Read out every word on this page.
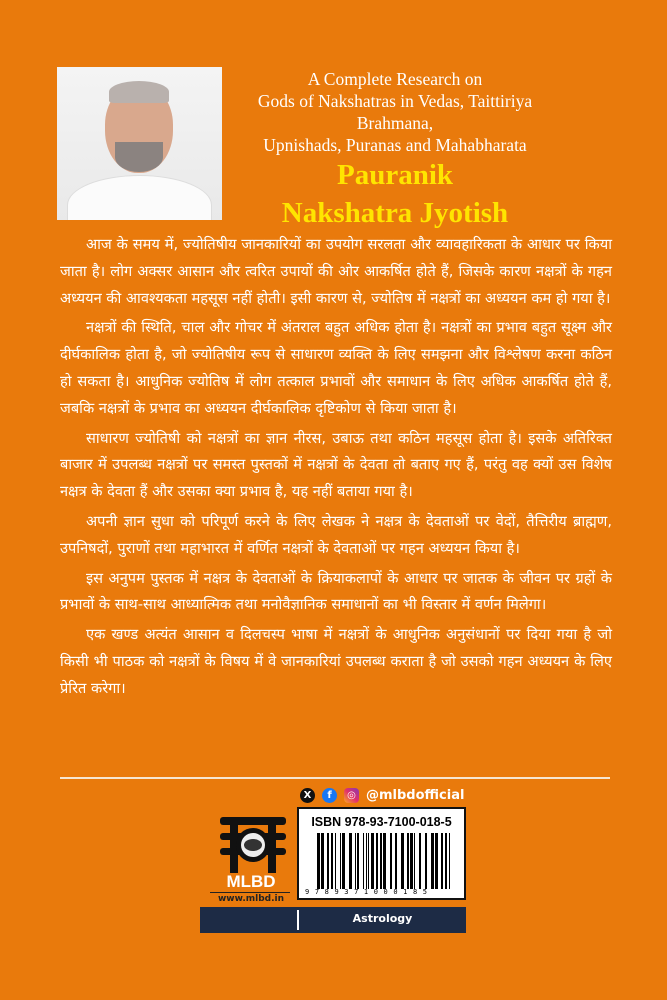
A Complete Research on
Gods of Nakshatras in Vedas, Taittiriya Brahmana,
Upnishads, Puranas and Mahabharata
Pauranik
Nakshatra Jyotish

आज के समय में, ज्योतिषीय जानकारियों का उपयोग सरलता और व्यावहारिकता के आधार पर किया जाता है। लोग अक्सर आसान और त्वरित उपायों की ओर आकर्षित होते हैं, जिसके कारण नक्षत्रों के गहन अध्ययन की आवश्यकता महसूस नहीं होती। इसी कारण से, ज्योतिष में नक्षत्रों का अध्ययन कम हो गया है।

नक्षत्रों की स्थिति, चाल और गोचर में अंतराल बहुत अधिक होता है। नक्षत्रों का प्रभाव बहुत सूक्ष्म और दीर्घकालिक होता है, जो ज्योतिषीय रूप से साधारण व्यक्ति के लिए समझना और विश्लेषण करना कठिन हो सकता है। आधुनिक ज्योतिष में लोग तत्काल प्रभावों और समाधान के लिए अधिक आकर्षित होते हैं, जबकि नक्षत्रों के प्रभाव का अध्ययन दीर्घकालिक दृष्टिकोण से किया जाता है।

साधारण ज्योतिषी को नक्षत्रों का ज्ञान नीरस, उबाऊ तथा कठिन महसूस होता है। इसके अतिरिक्त बाजार में उपलब्ध नक्षत्रों पर समस्त पुस्तकों में नक्षत्रों के देवता तो बताए गए हैं, परंतु वह क्यों उस विशेष नक्षत्र के देवता हैं और उसका क्या प्रभाव है, यह नहीं बताया गया है।

अपनी ज्ञान सुधा को परिपूर्ण करने के लिए लेखक ने नक्षत्र के देवताओं पर वेदों, तैत्तिरीय ब्राह्मण, उपनिषदों, पुराणों तथा महाभारत में वर्णित नक्षत्रों के देवताओं पर गहन अध्ययन किया है।

इस अनुपम पुस्तक में नक्षत्र के देवताओं के क्रियाकलापों के आधार पर जातक के जीवन पर ग्रहों के प्रभावों के साथ-साथ आध्यात्मिक तथा मनोवैज्ञानिक समाधानों का भी विस्तार में वर्णन मिलेगा।

एक खण्ड अत्यंत आसान व दिलचस्प भाषा में नक्षत्रों के आधुनिक अनुसंधानों पर दिया गया है जो किसी भी पाठक को नक्षत्रों के विषय में वे जानकारियां उपलब्ध कराता है जो उसको गहन अध्ययन के लिए प्रेरित करेगा।

X	f	◎ @mlbdofficial
ISBN 978-93-7100-018-5
9789371000185
MLBD
www.mlbd.in
Astrology
